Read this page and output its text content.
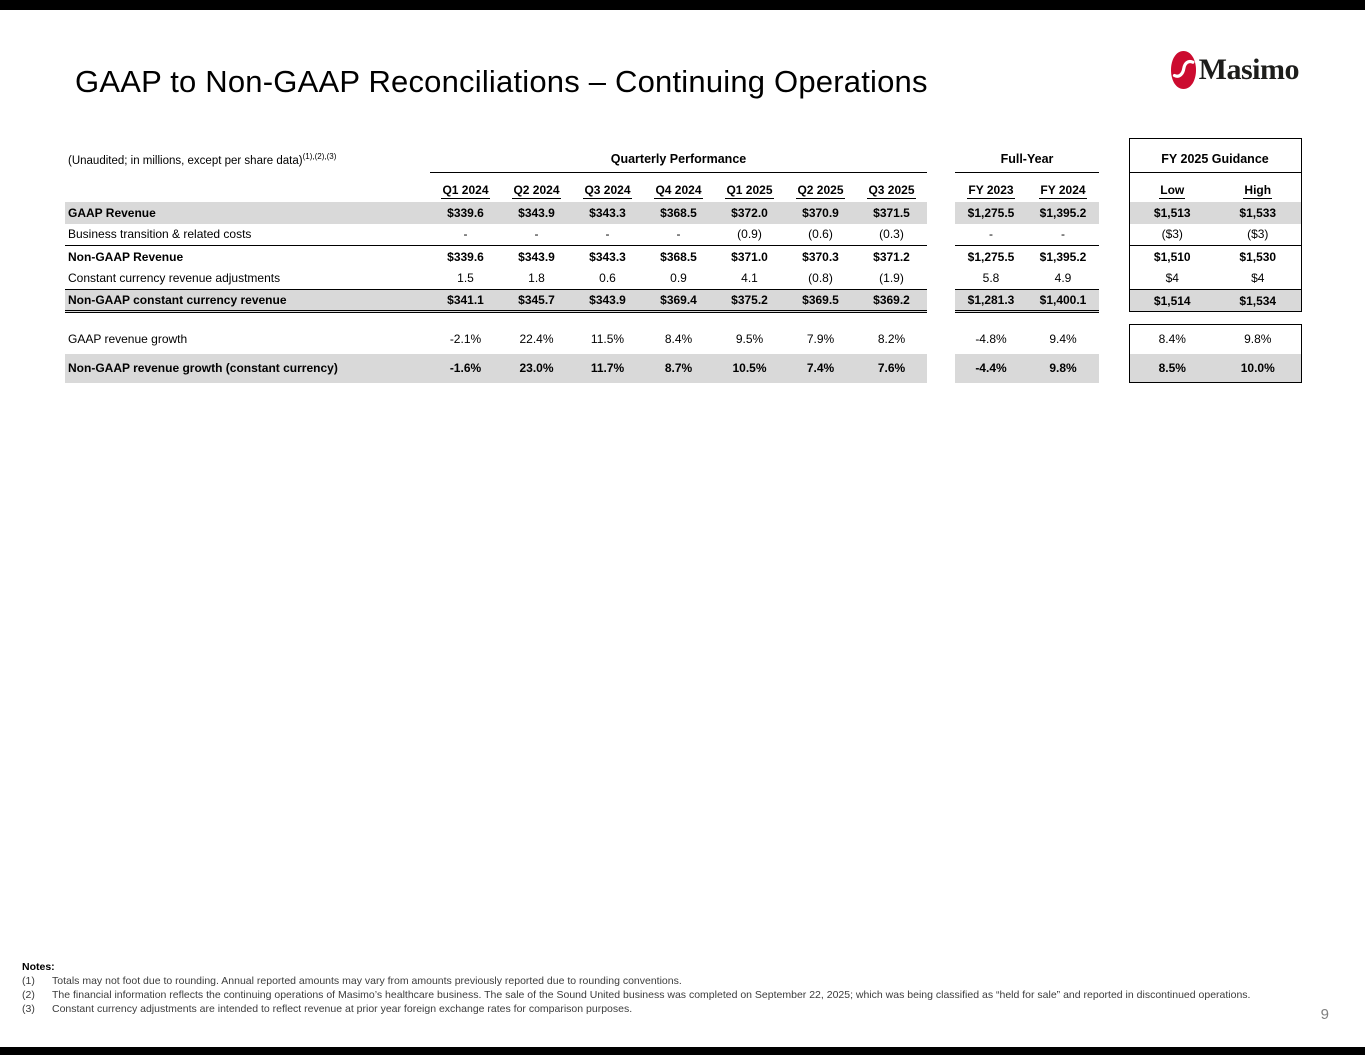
GAAP to Non-GAAP Reconciliations – Continuing Operations	Masimo
(Unaudited; in millions, except per share data)$^{(1),(2),(3)}$	Quarterly Performance								Full-Year			FY 2025 Guidance	
	Q1 2024	Q2 2024	Q3 2024	Q4 2024	Q1 2025	Q2 2025	Q3 2025		FY 2023	FY 2024		Low	High
GAAP Revenue	$339.6	$343.9	$343.3	$368.5	$372.0	$370.9	$371.5		$1,275.5	$1,395.2		$1,513	$1,533
Business transition & related costs	-	-	-	-	(0.9)	(0.6)	(0.3)		-	-		($3)	($3)
Non-GAAP Revenue	$339.6	$343.9	$343.3	$368.5	$371.0	$370.3	$371.2		$1,275.5	$1,395.2		$1,510	$1,530
Constant currency revenue adjustments	1.5	1.8	0.6	0.9	4.1	(0.8)	(1.9)		5.8	4.9		$4	$4
Non-GAAP constant currency revenue	$341.1	$345.7	$343.9	$369.4	$375.2	$369.5	$369.2		$1,281.3	$1,400.1		$1,514	$1,534

GAAP revenue growth	-2.1%	22.4%	11.5%	8.4%	9.5%	7.9%	8.2%		-4.8%	9.4%		8.4%	9.8%
Non-GAAP revenue growth (constant currency)	-1.6%	23.0%	11.7%	8.7%	10.5%	7.4%	7.6%		-4.4%	9.8%		8.5%	10.0%
Notes:
(1)	Totals may not foot due to rounding. Annual reported amounts may vary from amounts previously reported due to rounding conventions.
(2)	The financial information reflects the continuing operations of Masimo’s healthcare business. The sale of the Sound United business was completed on September 22, 2025; which was being classified as “held for sale” and reported in discontinued operations.
(3)	Constant currency adjustments are intended to reflect revenue at prior year foreign exchange rates for comparison purposes.	9
